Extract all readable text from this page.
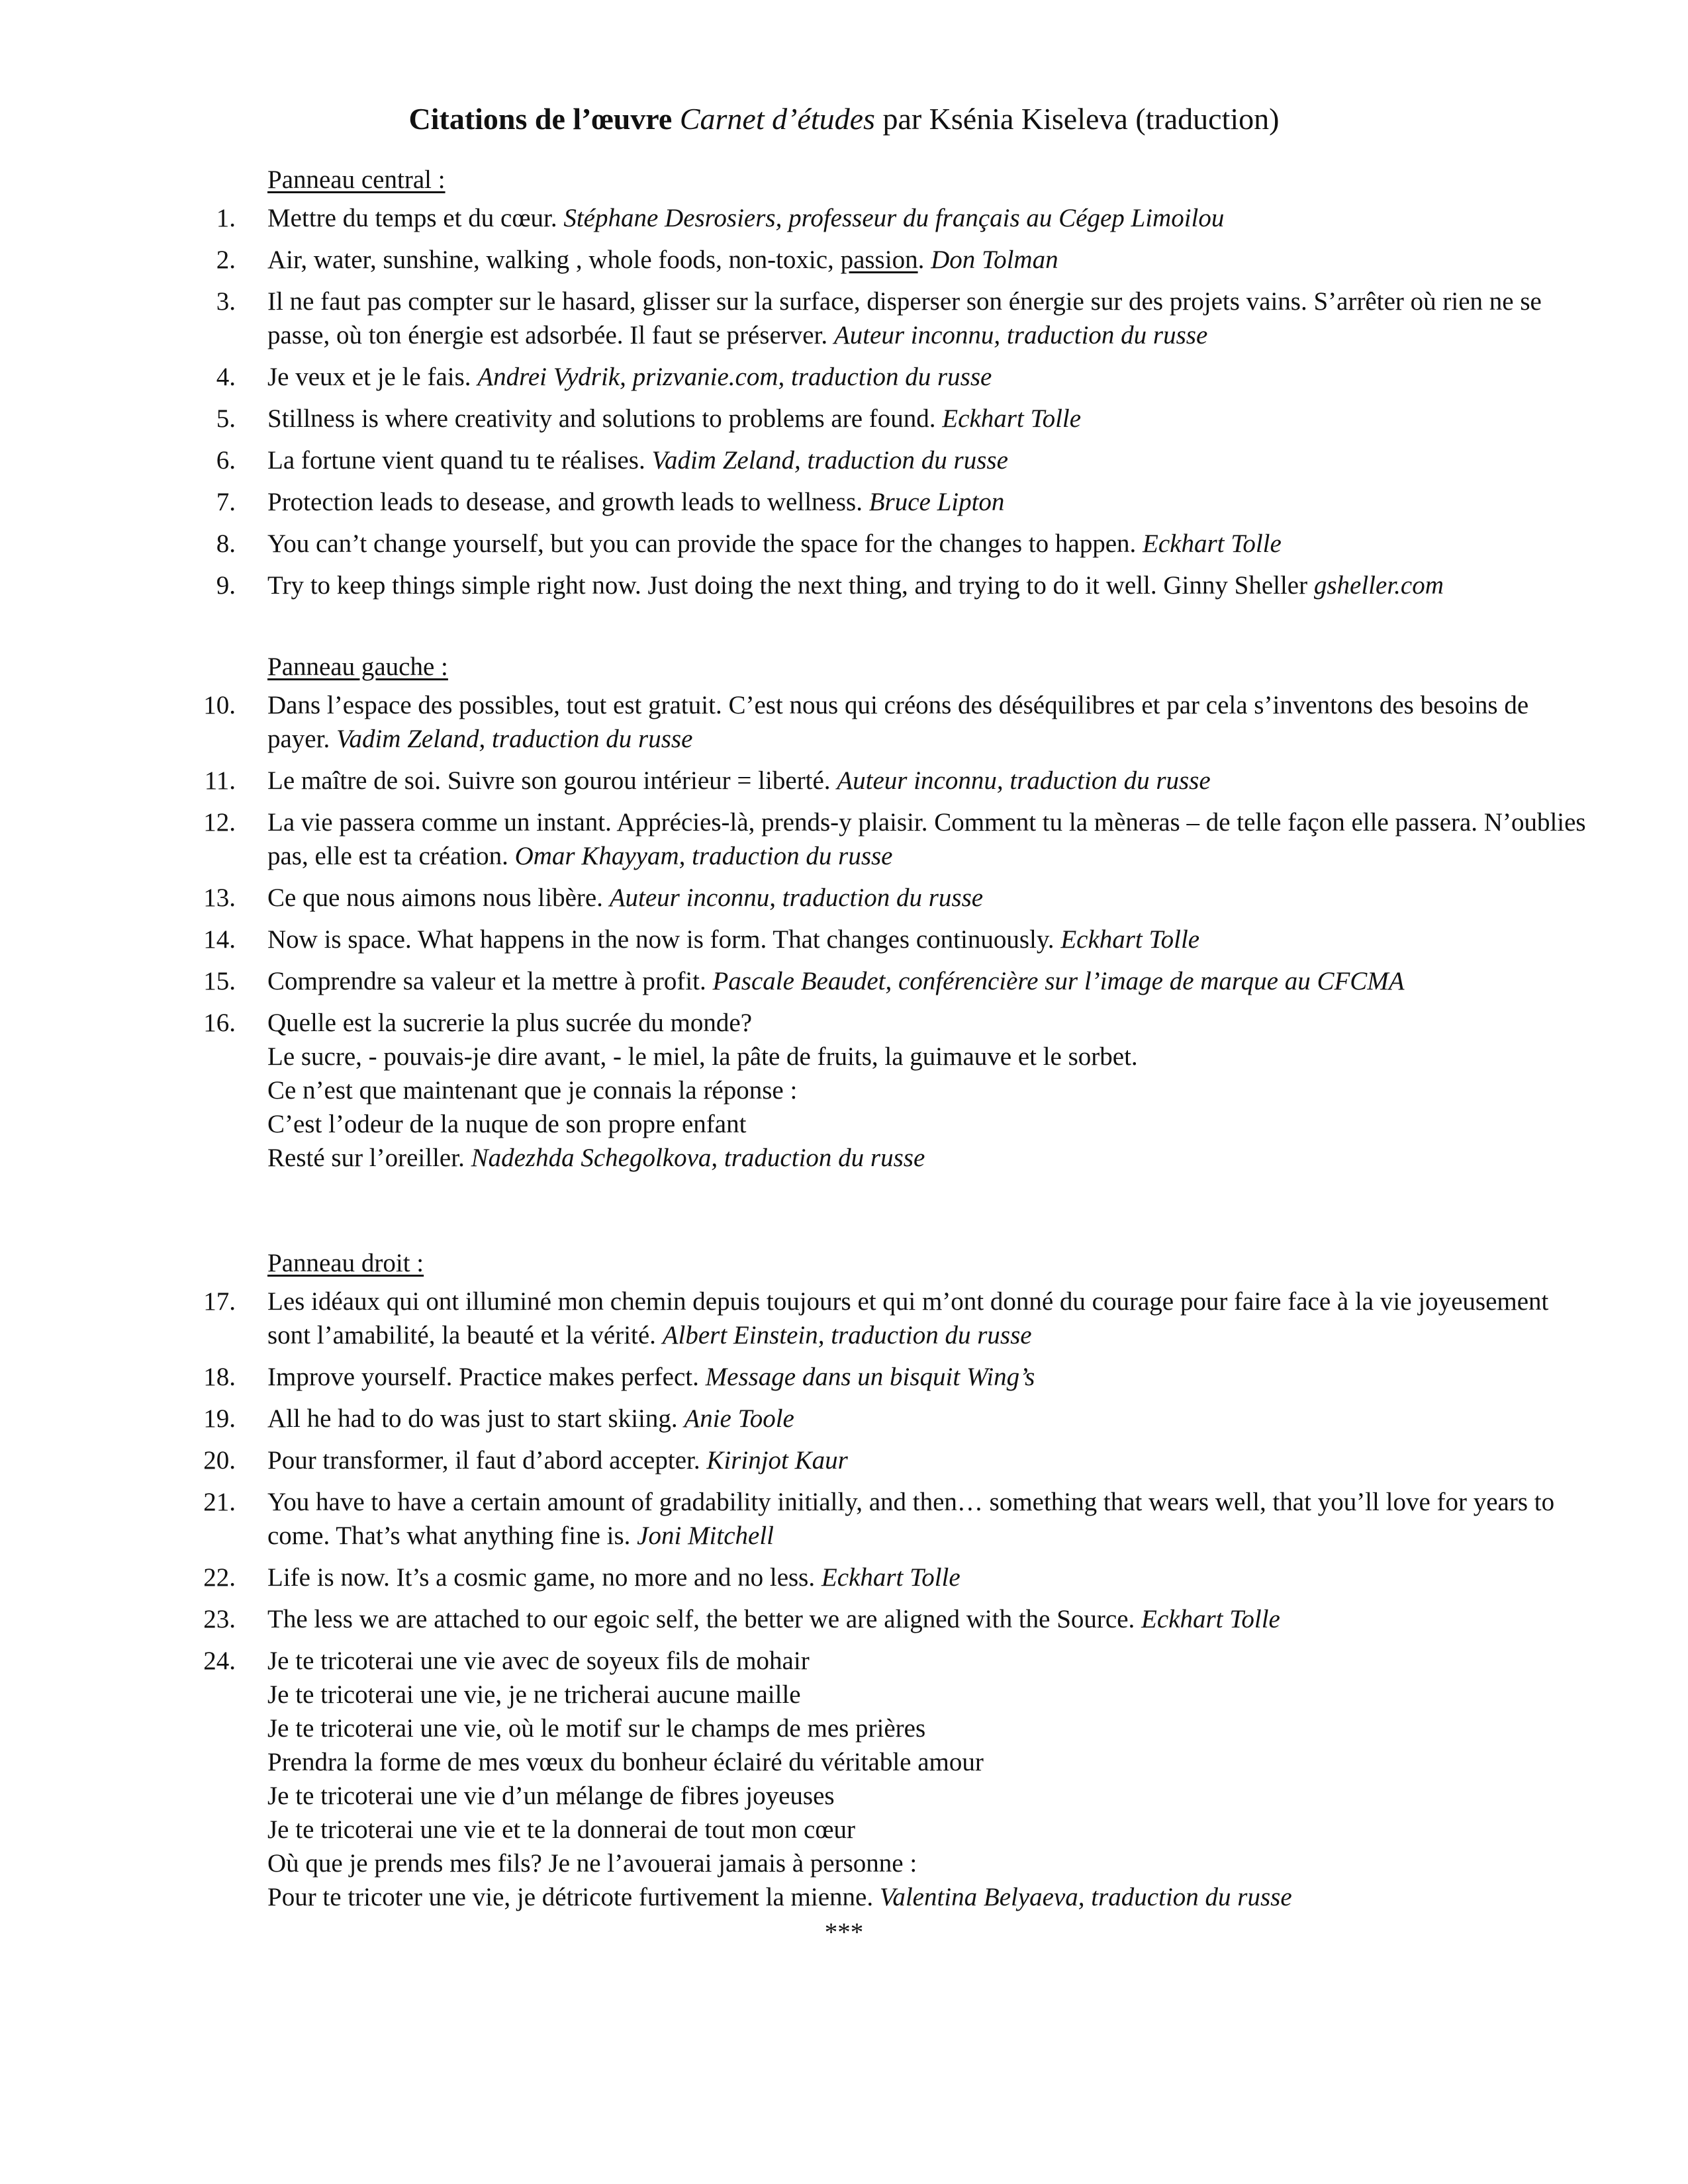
Citations de l’œuvre Carnet d’études par Ksénia Kiseleva (traduction)

Panneau central :

1. Mettre du temps et du cœur. Stéphane Desrosiers, professeur du français au Cégep Limoilou
2. Air, water, sunshine, walking , whole foods, non-toxic, passion. Don Tolman
3. Il ne faut pas compter sur le hasard, glisser sur la surface, disperser son énergie sur des projets vains. S’arrêter où rien ne se passe, où ton énergie est adsorbée. Il faut se préserver. Auteur inconnu, traduction du russe
4. Je veux et je le fais. Andrei Vydrik, prizvanie.com, traduction du russe
5. Stillness is where creativity and solutions to problems are found. Eckhart Tolle
6. La fortune vient quand tu te réalises. Vadim Zeland, traduction du russe
7. Protection leads to desease, and growth leads to wellness. Bruce Lipton
8. You can’t change yourself, but you can provide the space for the changes to happen. Eckhart Tolle
9. Try to keep things simple right now. Just doing the next thing, and trying to do it well. Ginny Sheller gsheller.com

Panneau gauche :

10. Dans l’espace des possibles, tout est gratuit. C’est nous qui créons des déséquilibres et par cela s’inventons des besoins de payer. Vadim Zeland, traduction du russe
11. Le maître de soi. Suivre son gourou intérieur = liberté. Auteur inconnu, traduction du russe
12. La vie passera comme un instant. Apprécies-là, prends-y plaisir. Comment tu la mèneras – de telle façon elle passera. N’oublies pas, elle est ta création. Omar Khayyam, traduction du russe
13. Ce que nous aimons nous libère. Auteur inconnu, traduction du russe
14. Now is space. What happens in the now is form. That changes continuously. Eckhart Tolle
15. Comprendre sa valeur et la mettre à profit. Pascale Beaudet, conférencière sur l’image de marque au CFCMA
16. Quelle est la sucrerie la plus sucrée du monde?
Le sucre, - pouvais-je dire avant, - le miel, la pâte de fruits, la guimauve et le sorbet.
Ce n’est que maintenant que je connais la réponse :
C’est l’odeur de la nuque de son propre enfant
Resté sur l’oreiller. Nadezhda Schegolkova, traduction du russe

Panneau droit :

17. Les idéaux qui ont illuminé mon chemin depuis toujours et qui m’ont donné du courage pour faire face à la vie joyeusement sont l’amabilité, la beauté et la vérité. Albert Einstein, traduction du russe
18. Improve yourself. Practice makes perfect. Message dans un bisquit Wing’s
19. All he had to do was just to start skiing. Anie Toole
20. Pour transformer, il faut d’abord accepter. Kirinjot Kaur
21. You have to have a certain amount of gradability initially, and then… something that wears well, that you’ll love for years to come. That’s what anything fine is. Joni Mitchell
22. Life is now. It’s a cosmic game, no more and no less. Eckhart Tolle
23. The less we are attached to our egoic self, the better we are aligned with the Source. Eckhart Tolle
24. Je te tricoterai une vie avec de soyeux fils de mohair
Je te tricoterai une vie, je ne tricherai aucune maille
Je te tricoterai une vie, où le motif sur le champs de mes prières
Prendra la forme de mes vœux du bonheur éclairé du véritable amour
Je te tricoterai une vie d’un mélange de fibres joyeuses
Je te tricoterai une vie et te la donnerai de tout mon cœur
Où que je prends mes fils? Je ne l’avouerai jamais à personne :
Pour te tricoter une vie, je détricote furtivement la mienne. Valentina Belyaeva, traduction du russe

***
